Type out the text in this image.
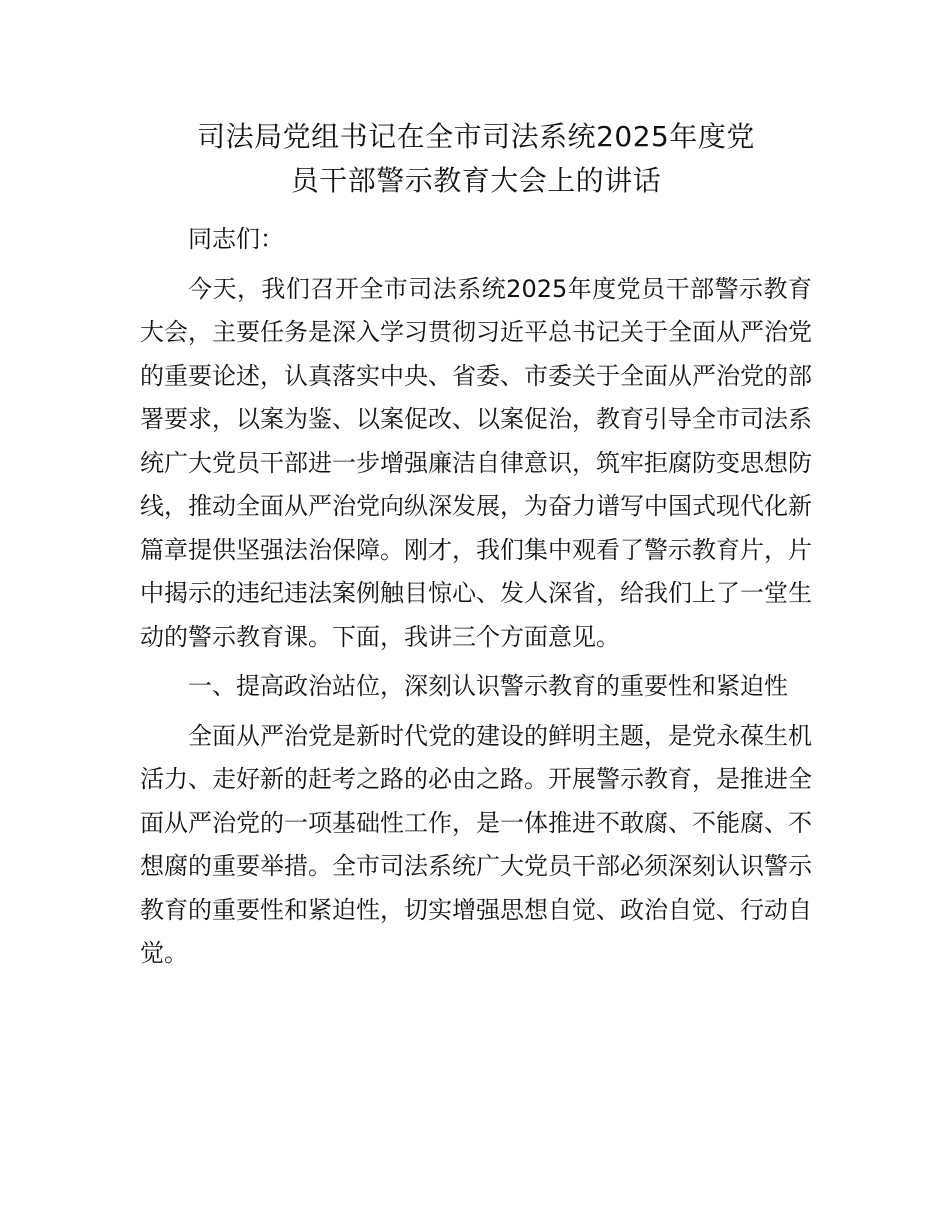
司法局党组书记在全市司法系统2025年度党
员干部警示教育大会上的讲话

同志们：

今天，我们召开全市司法系统2025年度党员干部警示教育大会，主要任务是深入学习贯彻习近平总书记关于全面从严治党的重要论述，认真落实中央、省委、市委关于全面从严治党的部署要求，以案为鉴、以案促改、以案促治，教育引导全市司法系统广大党员干部进一步增强廉洁自律意识，筑牢拒腐防变思想防线，推动全面从严治党向纵深发展，为奋力谱写中国式现代化新篇章提供坚强法治保障。刚才，我们集中观看了警示教育片，片中揭示的违纪违法案例触目惊心、发人深省，给我们上了一堂生动的警示教育课。下面，我讲三个方面意见。

一、提高政治站位，深刻认识警示教育的重要性和紧迫性

全面从严治党是新时代党的建设的鲜明主题，是党永葆生机活力、走好新的赶考之路的必由之路。开展警示教育，是推进全面从严治党的一项基础性工作，是一体推进不敢腐、不能腐、不想腐的重要举措。全市司法系统广大党员干部必须深刻认识警示教育的重要性和紧迫性，切实增强思想自觉、政治自觉、行动自觉。
